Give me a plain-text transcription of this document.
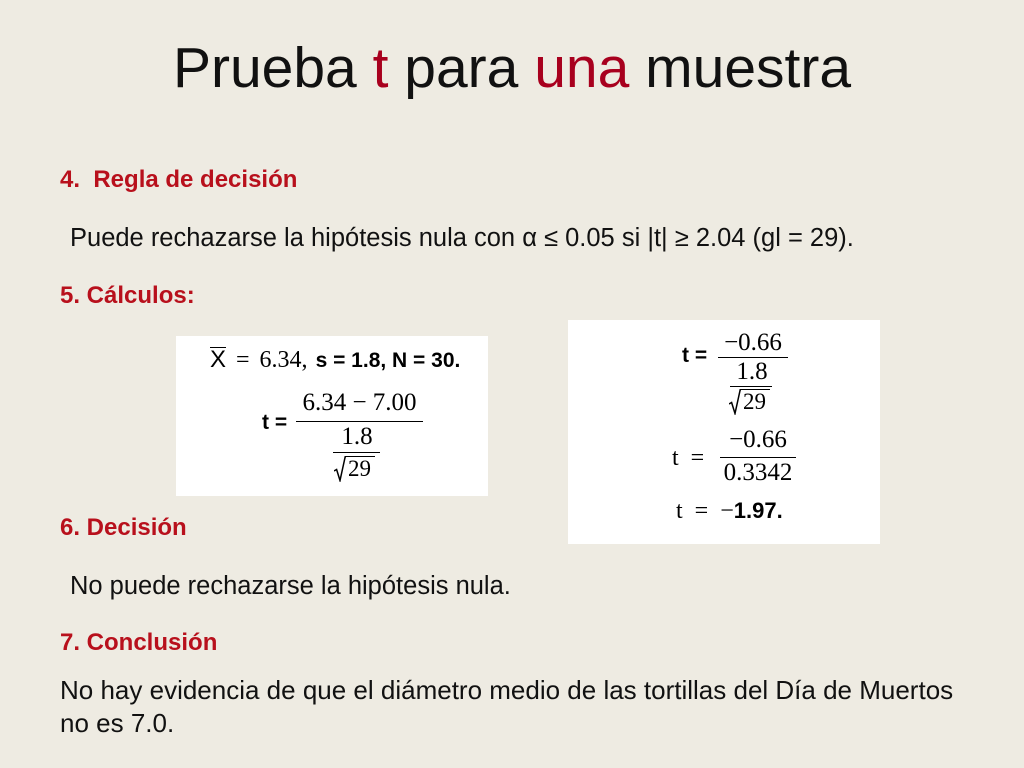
Prueba t para una muestra
4.  Regla de decisión

Puede rechazarse la hipótesis nula con α ≤ 0.05 si |t| ≥ 2.04 (gl = 29).

5. Cálculos:
X = 6.34, s = 1.8, N = 30.
t =
6.34 − 7.00
1.8
29
t = −0.66
1.8
29
t =
−0.66
0.3342
t = − 1.97.
6. Decisión

No puede rechazarse la hipótesis nula.

7. Conclusión

No hay evidencia de que el diámetro medio de las tortillas del Día de Muertos

no es 7.0.
